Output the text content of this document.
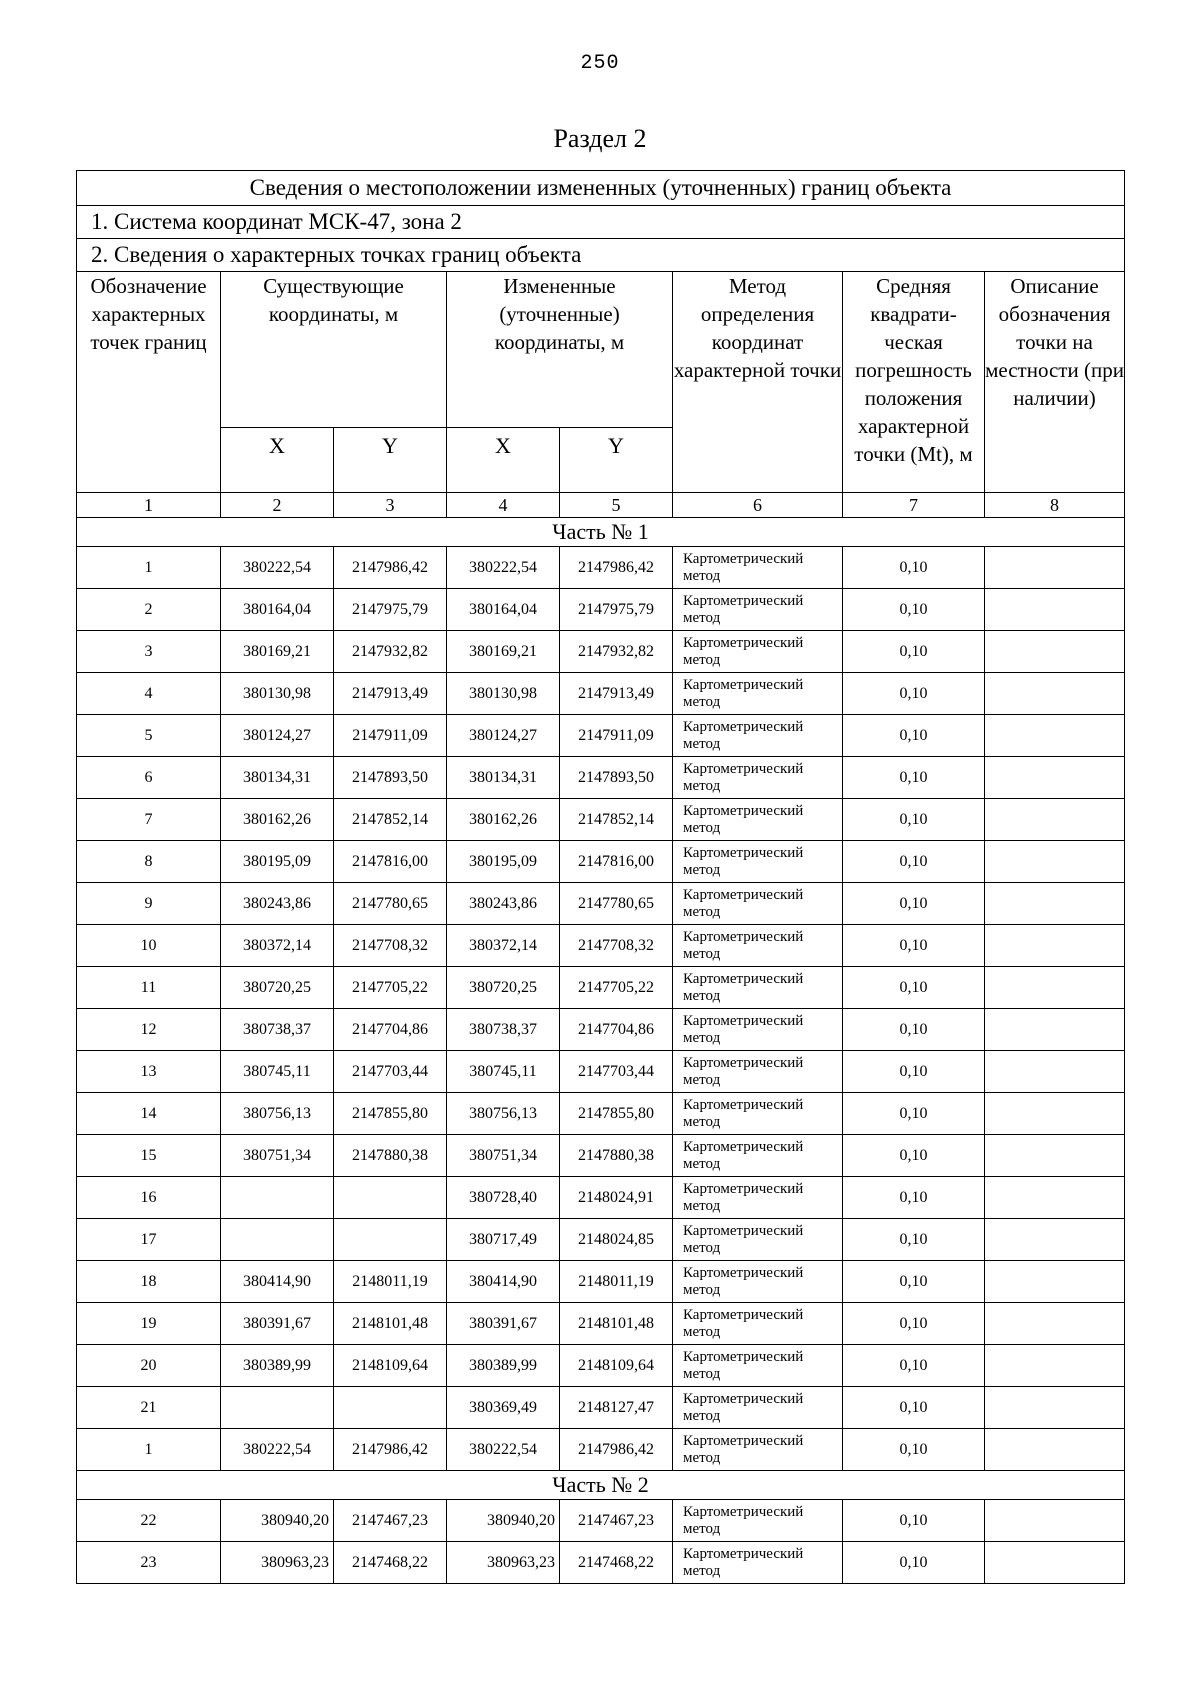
250
Раздел 2
Сведения о местоположении измененных (уточненных) границ объекта							
1. Система координат МСК-47, зона 2							
2. Сведения о характерных точках границ объекта							
Обозначение характерных точек границ	Существующие координаты, м		Измененные (уточненные) координаты, м		Метод определения координат характерной точки	Средняя квадрати-ческая погрешность положения характерной точки (Mt), м	Описание обозначения точки на местности (при наличии)
	X	Y	X	Y			
1	2	3	4	5	6	7	8
Часть № 1							
1	380222,54	2147986,42	380222,54	2147986,42	Картометрический метод	0,10	
2	380164,04	2147975,79	380164,04	2147975,79	Картометрический метод	0,10	
3	380169,21	2147932,82	380169,21	2147932,82	Картометрический метод	0,10	
4	380130,98	2147913,49	380130,98	2147913,49	Картометрический метод	0,10	
5	380124,27	2147911,09	380124,27	2147911,09	Картометрический метод	0,10	
6	380134,31	2147893,50	380134,31	2147893,50	Картометрический метод	0,10	
7	380162,26	2147852,14	380162,26	2147852,14	Картометрический метод	0,10	
8	380195,09	2147816,00	380195,09	2147816,00	Картометрический метод	0,10	
9	380243,86	2147780,65	380243,86	2147780,65	Картометрический метод	0,10	
10	380372,14	2147708,32	380372,14	2147708,32	Картометрический метод	0,10	
11	380720,25	2147705,22	380720,25	2147705,22	Картометрический метод	0,10	
12	380738,37	2147704,86	380738,37	2147704,86	Картометрический метод	0,10	
13	380745,11	2147703,44	380745,11	2147703,44	Картометрический метод	0,10	
14	380756,13	2147855,80	380756,13	2147855,80	Картометрический метод	0,10	
15	380751,34	2147880,38	380751,34	2147880,38	Картометрический метод	0,10	
16			380728,40	2148024,91	Картометрический метод	0,10	
17			380717,49	2148024,85	Картометрический метод	0,10	
18	380414,90	2148011,19	380414,90	2148011,19	Картометрический метод	0,10	
19	380391,67	2148101,48	380391,67	2148101,48	Картометрический метод	0,10	
20	380389,99	2148109,64	380389,99	2148109,64	Картометрический метод	0,10	
21			380369,49	2148127,47	Картометрический метод	0,10	
1	380222,54	2147986,42	380222,54	2147986,42	Картометрический метод	0,10	
Часть № 2							
22	380940,20	2147467,23	380940,20	2147467,23	Картометрический метод	0,10	
23	380963,23	2147468,22	380963,23	2147468,22	Картометрический метод	0,10	
